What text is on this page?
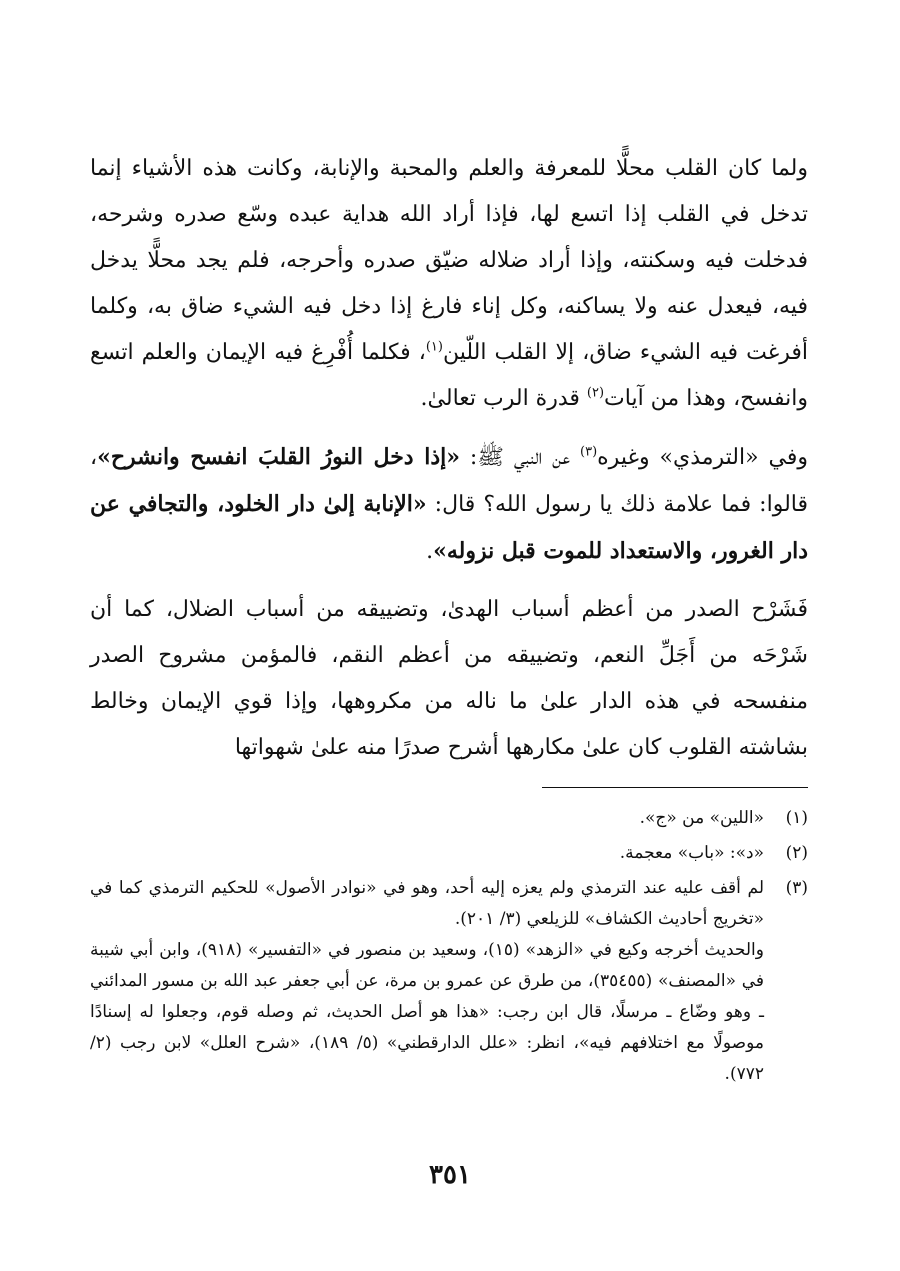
ولما كان القلب محلًّا للمعرفة والعلم والمحبة والإنابة، وكانت هذه الأشياء إنما تدخل في القلب إذا اتسع لها، فإذا أراد الله هداية عبده وسّع صدره وشرحه، فدخلت فيه وسكنته، وإذا أراد ضلاله ضيّق صدره وأحرجه، فلم يجد محلًّا يدخل فيه، فيعدل عنه ولا يساكنه، وكل إناء فارغ إذا دخل فيه الشيء ضاق به، وكلما أفرغت فيه الشيء ضاق، إلا القلب اللّين$^{(١)}$، فكلما أُفْرِغ فيه الإيمان والعلم اتسع وانفسح، وهذا من آيات$^{(٢)}$ قدرة الرب تعالىٰ.

وفي «الترمذي» وغيره$^{(٣)}$ عن النبي ﷺ: «إذا دخل النورُ القلبَ انفسح وانشرح»، قالوا: فما علامة ذلك يا رسول الله؟ قال: «الإنابة إلىٰ دار الخلود، والتجافي عن دار الغرور، والاستعداد للموت قبل نزوله».

فَشَرْح الصدر من أعظم أسباب الهدىٰ، وتضييقه من أسباب الضلال، كما أن شَرْحَه من أَجَلِّ النعم، وتضييقه من أعظم النقم، فالمؤمن مشروح الصدر منفسحه في هذه الدار علىٰ ما ناله من مكروهها، وإذا قوي الإيمان وخالط بشاشته القلوب كان علىٰ مكارهها أشرح صدرًا منه علىٰ شهواتها

(١)

«اللين» من «ج».

(٢)

«د»: «باب» معجمة.

(٣)

لم أقف عليه عند الترمذي ولم يعزه إليه أحد، وهو في «نوادر الأصول» للحكيم الترمذي كما في «تخريج أحاديث الكشاف» للزيلعي (٣/ ٢٠١).

والحديث أخرجه وكيع في «الزهد» (١٥)، وسعيد بن منصور في «التفسير» (٩١٨)، وابن أبي شيبة في «المصنف» (٣٥٤٥٥)، من طرق عن عمرو بن مرة، عن أبي جعفر عبد الله بن مسور المدائني ـ وهو وضّاع ـ مرسلًا، قال ابن رجب: «هذا هو أصل الحديث، ثم وصله قوم، وجعلوا له إسنادًا موصولًا مع اختلافهم فيه»، انظر: «علل الدارقطني» (٥/ ١٨٩)، «شرح العلل» لابن رجب (٢/ ٧٧٢).

٣٥١
